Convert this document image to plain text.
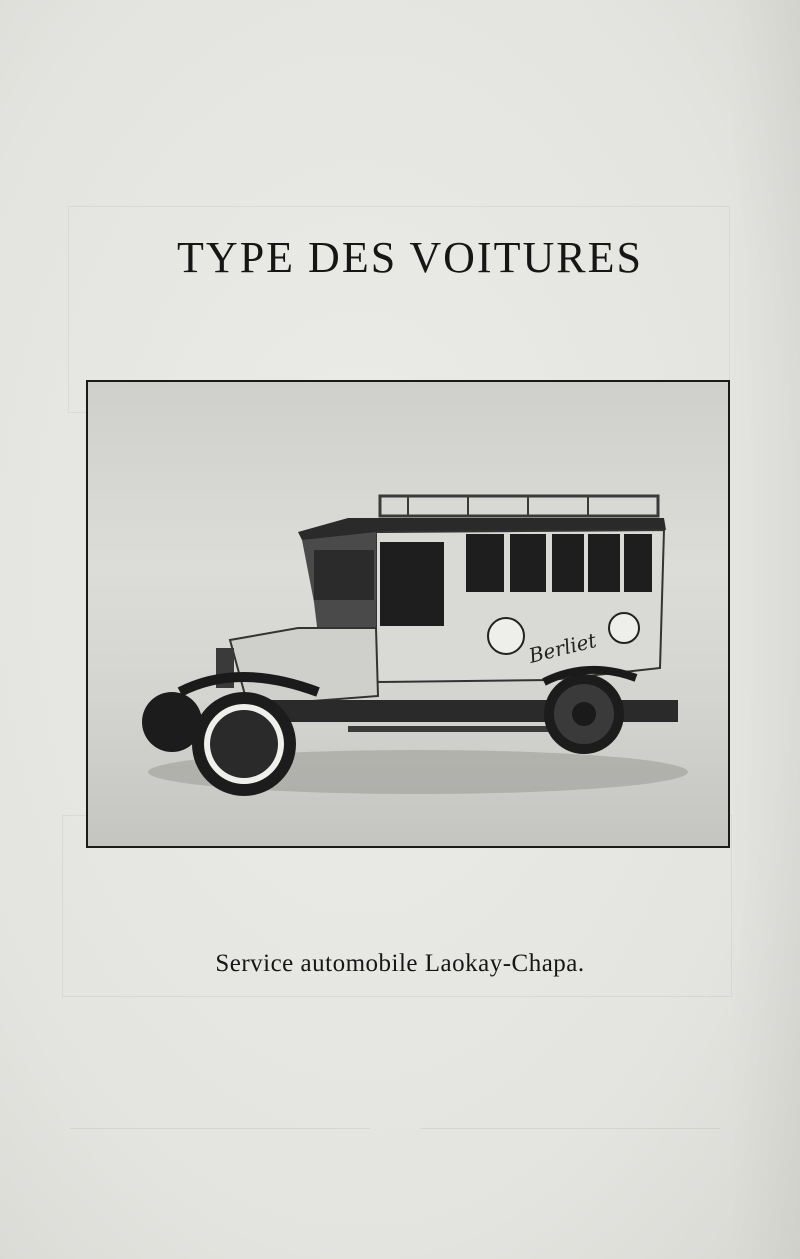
TYPE DES VOITURES
Berliet

Service automobile Laokay-Chapa.
